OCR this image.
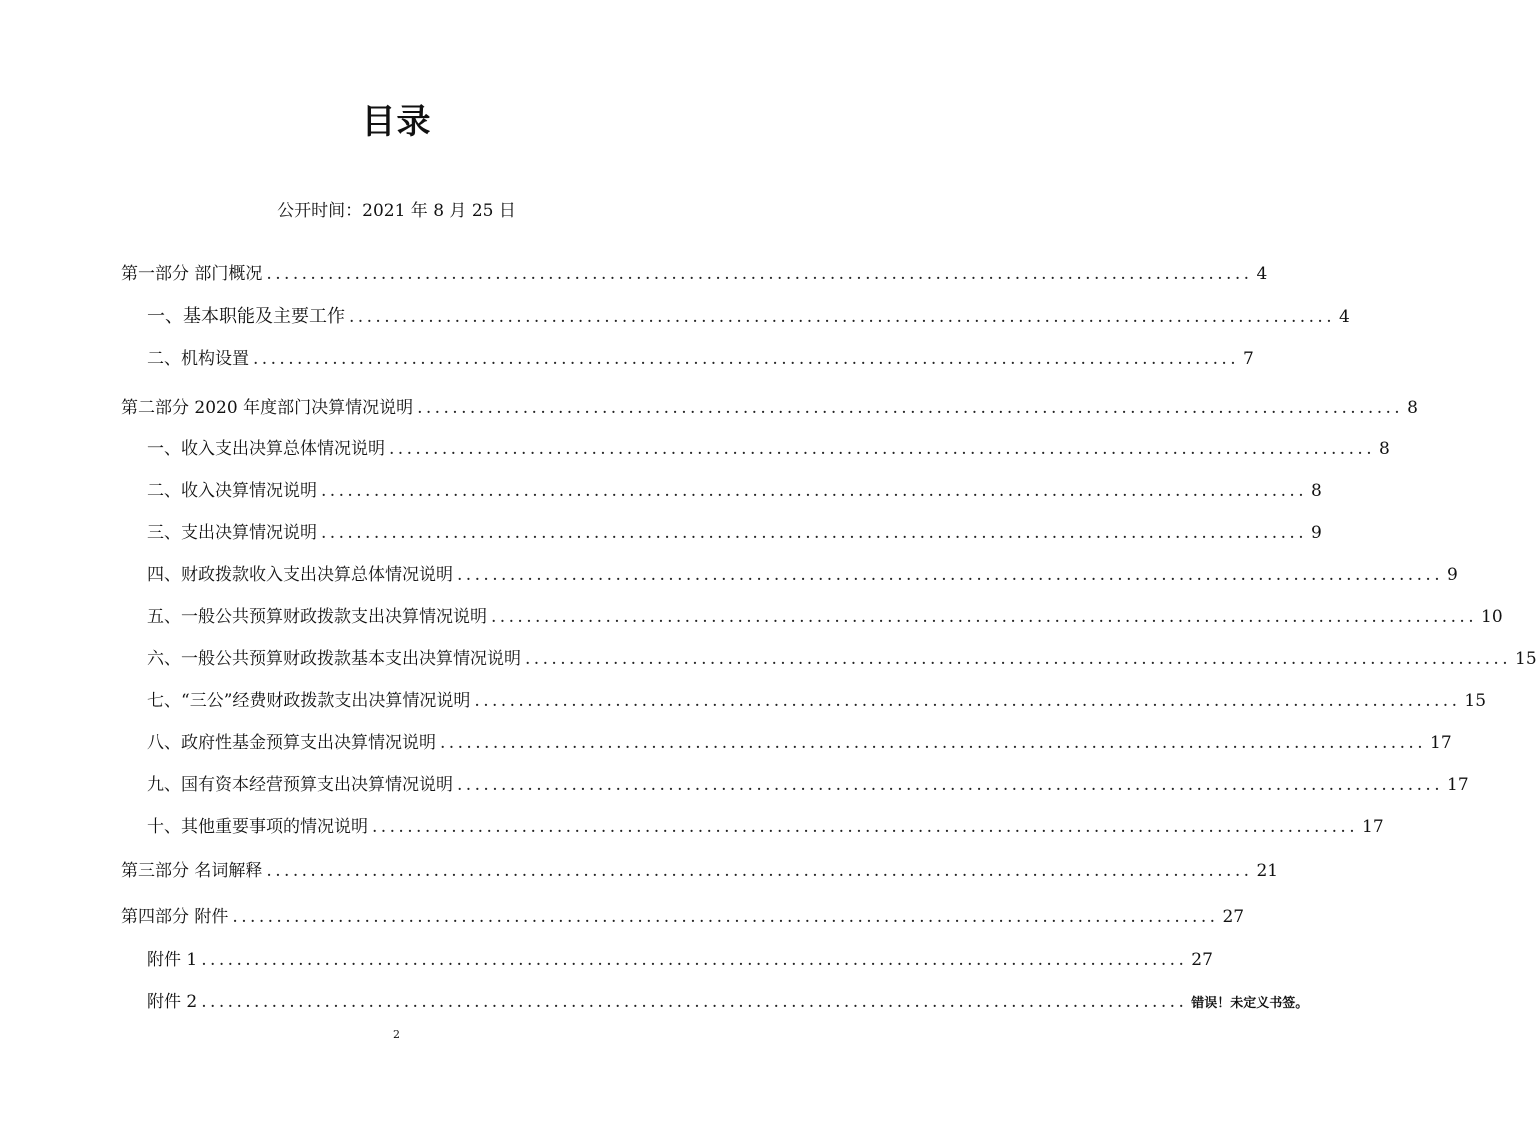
目录
公开时间：2021 年 8 月 25 日
第一部分 部门概况 ................................................................................................................ 4
一、基本职能及主要工作 ................................................................................................................ 4
二、机构设置 ................................................................................................................ 7
第二部分 2020 年度部门决算情况说明 ................................................................................................................ 8
一、收入支出决算总体情况说明 ................................................................................................................ 8
二、收入决算情况说明 ................................................................................................................ 8
三、支出决算情况说明 ................................................................................................................ 9
四、财政拨款收入支出决算总体情况说明 ................................................................................................................ 9
五、一般公共预算财政拨款支出决算情况说明 ................................................................................................................ 10
六、一般公共预算财政拨款基本支出决算情况说明 ................................................................................................................ 15
七、“三公”经费财政拨款支出决算情况说明 ................................................................................................................ 15
八、政府性基金预算支出决算情况说明 ................................................................................................................ 17
九、国有资本经营预算支出决算情况说明 ................................................................................................................ 17
十、其他重要事项的情况说明 ................................................................................................................ 17
第三部分 名词解释 ................................................................................................................ 21
第四部分 附件 ................................................................................................................ 27
附件 1 ................................................................................................................ 27
附件 2 ................................................................................................................ 错误！未定义书签。
2
